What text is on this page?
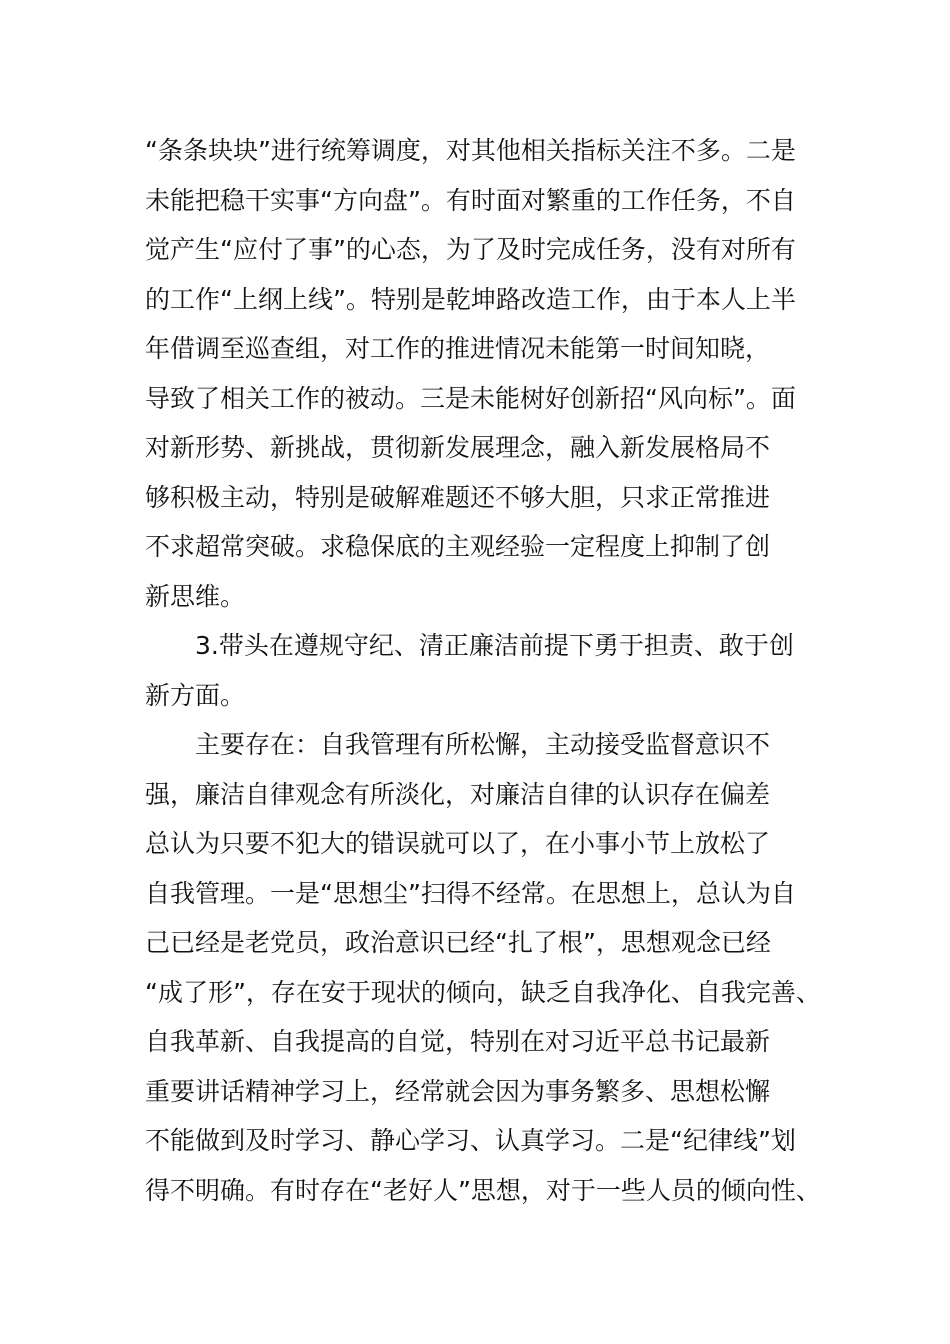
“条条块块”进行统筹调度，对其他相关指标关注不多。二是
未能把稳干实事“方向盘”。有时面对繁重的工作任务，不自
觉产生“应付了事”的心态，为了及时完成任务，没有对所有
的工作“上纲上线”。特别是乾坤路改造工作，由于本人上半
年借调至巡查组，对工作的推进情况未能第一时间知晓，
导致了相关工作的被动。三是未能树好创新招“风向标”。面
对新形势、新挑战，贯彻新发展理念，融入新发展格局不
够积极主动，特别是破解难题还不够大胆，只求正常推进
不求超常突破。求稳保底的主观经验一定程度上抑制了创
新思维。
3.带头在遵规守纪、清正廉洁前提下勇于担责、敢于创
新方面。
主要存在：自我管理有所松懈，主动接受监督意识不
强，廉洁自律观念有所淡化，对廉洁自律的认识存在偏差
总认为只要不犯大的错误就可以了，在小事小节上放松了
自我管理。一是“思想尘”扫得不经常。在思想上，总认为自
己已经是老党员，政治意识已经“扎了根”，思想观念已经
“成了形”，存在安于现状的倾向，缺乏自我净化、自我完善、
自我革新、自我提高的自觉，特别在对习近平总书记最新
重要讲话精神学习上，经常就会因为事务繁多、思想松懈
不能做到及时学习、静心学习、认真学习。二是“纪律线”划
得不明确。有时存在“老好人”思想，对于一些人员的倾向性、
